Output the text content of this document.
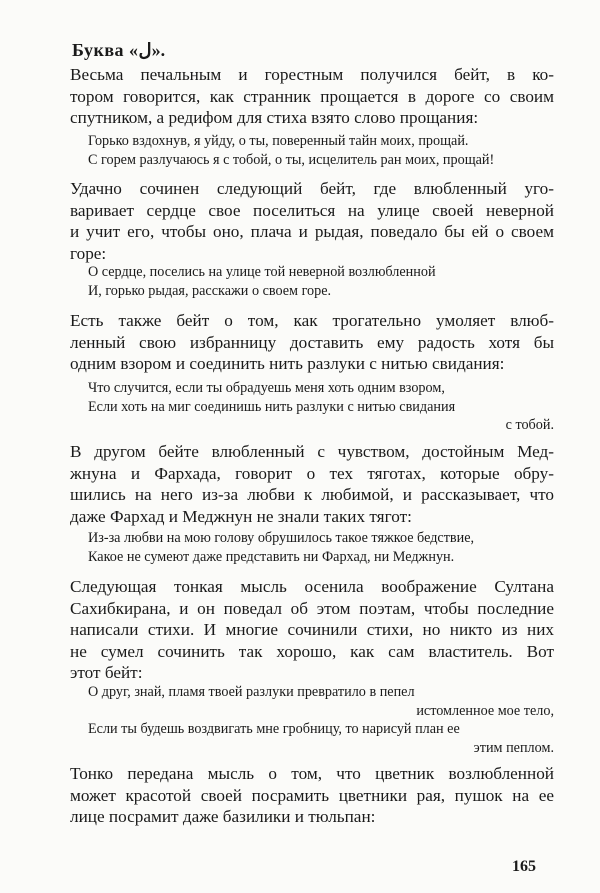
Буква «ﻝ».
Весьма печальным и горестным получился бейт, в ко-
тором говорится, как странник прощается в дороге со своим
спутником, а редифом для стиха взято слово прощания:
Горько вздохнув, я уйду, о ты, поверенный тайн моих, прощай.
С горем разлучаюсь я с тобой, о ты, исцелитель ран моих, прощай!
Удачно сочинен следующий бейт, где влюбленный уго-
варивает сердце свое поселиться на улице своей неверной
и учит его, чтобы оно, плача и рыдая, поведало бы ей о своем
горе:
О сердце, поселись на улице той неверной возлюбленной
И, горько рыдая, расскажи о своем горе.
Есть также бейт о том, как трогательно умоляет влюб-
ленный свою избранницу доставить ему радость хотя бы
одним взором и соединить нить разлуки с нитью свидания:
Что случится, если ты обрадуешь меня хоть одним взором,
Если хоть на миг соединишь нить разлуки с нитью свидания
с тобой.
В другом бейте влюбленный с чувством, достойным Мед-
жнуна и Фархада, говорит о тех тяготах, которые обру-
шились на него из-за любви к любимой, и рассказывает, что
даже Фархад и Меджнун не знали таких тягот:
Из-за любви на мою голову обрушилось такое тяжкое бедствие,
Какое не сумеют даже представить ни Фархад, ни Меджнун.
Следующая тонкая мысль осенила воображение Султана
Сахибкирана, и он поведал об этом поэтам, чтобы последние
написали стихи. И многие сочинили стихи, но никто из них
не сумел сочинить так хорошо, как сам властитель. Вот
этот бейт:
О друг, знай, пламя твоей разлуки превратило в пепел
истомленное мое тело,
Если ты будешь воздвигать мне гробницу, то нарисуй план ее
этим пеплом.
Тонко передана мысль о том, что цветник возлюбленной
может красотой своей посрамить цветники рая, пушок на ее
лице посрамит даже базилики и тюльпан:
165
